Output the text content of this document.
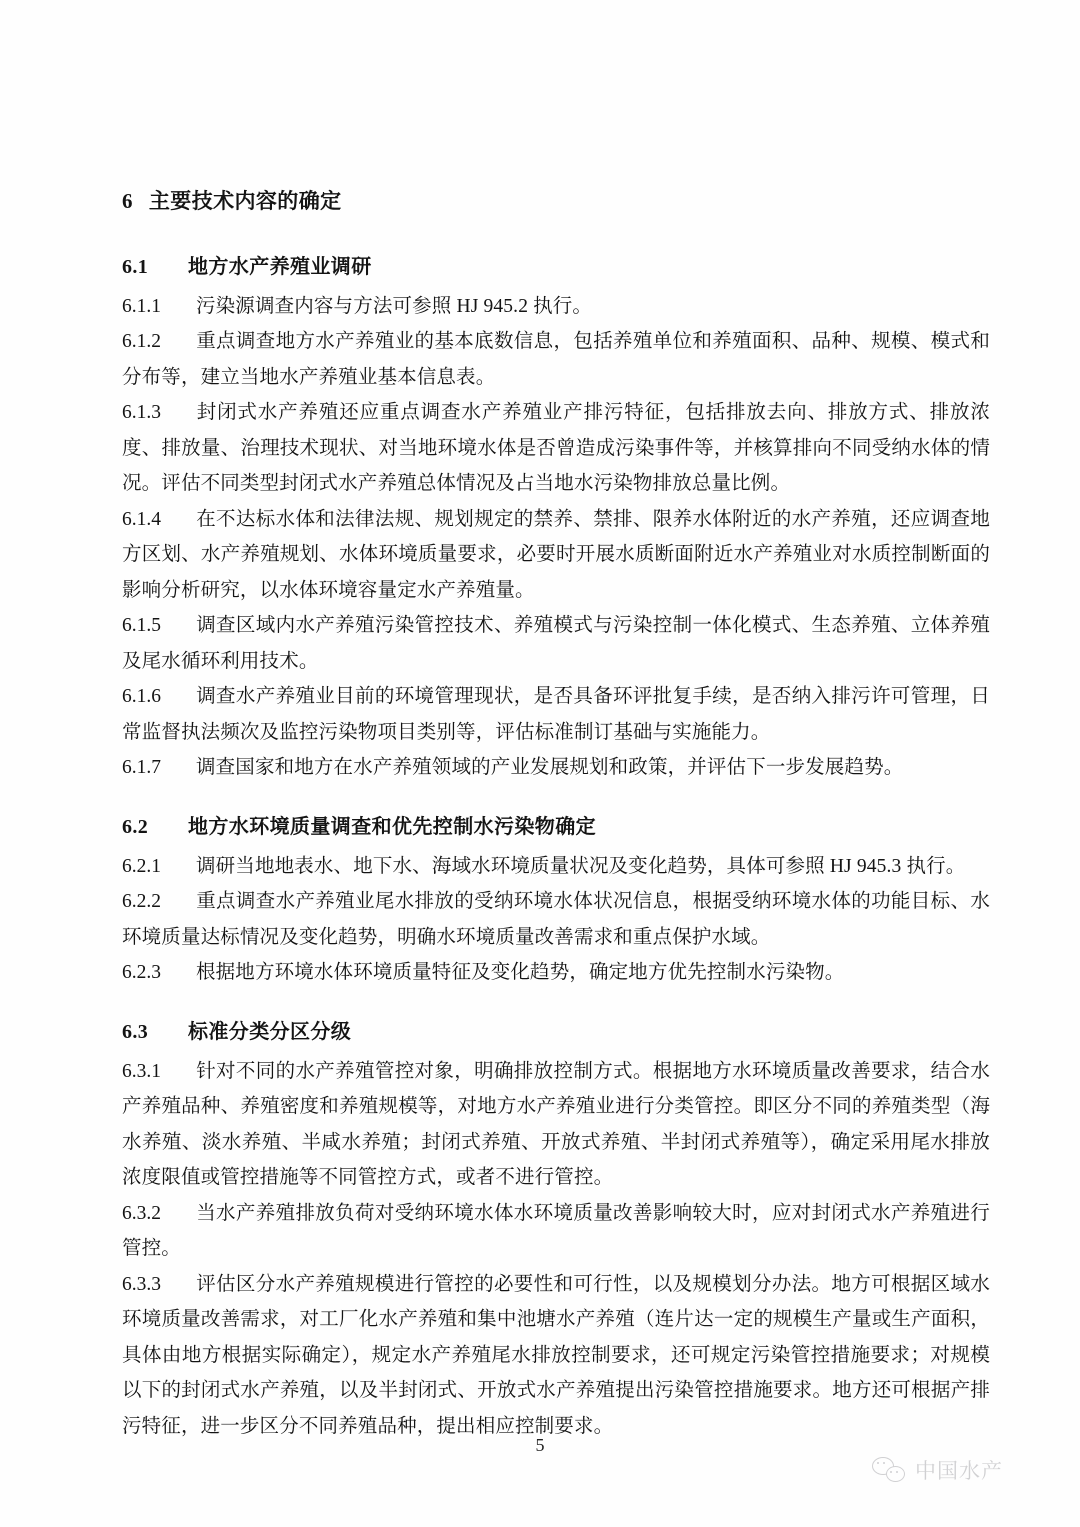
6 主要技术内容的确定
6.1 地方水产养殖业调研

6.1.1 污染源调查内容与方法可参照 HJ 945.2 执行。

6.1.2 重点调查地方水产养殖业的基本底数信息，包括养殖单位和养殖面积、品种、规模、模式和分布等，建立当地水产养殖业基本信息表。

6.1.3 封闭式水产养殖还应重点调查水产养殖业产排污特征，包括排放去向、排放方式、排放浓度、排放量、治理技术现状、对当地环境水体是否曾造成污染事件等，并核算排向不同受纳水体的情况。评估不同类型封闭式水产养殖总体情况及占当地水污染物排放总量比例。

6.1.4 在不达标水体和法律法规、规划规定的禁养、禁排、限养水体附近的水产养殖，还应调查地方区划、水产养殖规划、水体环境质量要求，必要时开展水质断面附近水产养殖业对水质控制断面的影响分析研究，以水体环境容量定水产养殖量。

6.1.5 调查区域内水产养殖污染管控技术、养殖模式与污染控制一体化模式、生态养殖、立体养殖及尾水循环利用技术。

6.1.6 调查水产养殖业目前的环境管理现状，是否具备环评批复手续，是否纳入排污许可管理，日常监督执法频次及监控污染物项目类别等，评估标准制订基础与实施能力。

6.1.7 调查国家和地方在水产养殖领域的产业发展规划和政策，并评估下一步发展趋势。

6.2 地方水环境质量调查和优先控制水污染物确定

6.2.1 调研当地地表水、地下水、海域水环境质量状况及变化趋势，具体可参照 HJ 945.3 执行。

6.2.2 重点调查水产养殖业尾水排放的受纳环境水体状况信息，根据受纳环境水体的功能目标、水环境质量达标情况及变化趋势，明确水环境质量改善需求和重点保护水域。

6.2.3 根据地方环境水体环境质量特征及变化趋势，确定地方优先控制水污染物。

6.3 标准分类分区分级

6.3.1 针对不同的水产养殖管控对象，明确排放控制方式。根据地方水环境质量改善要求，结合水产养殖品种、养殖密度和养殖规模等，对地方水产养殖业进行分类管控。即区分不同的养殖类型（海水养殖、淡水养殖、半咸水养殖；封闭式养殖、开放式养殖、半封闭式养殖等），确定采用尾水排放浓度限值或管控措施等不同管控方式，或者不进行管控。

6.3.2 当水产养殖排放负荷对受纳环境水体水环境质量改善影响较大时，应对封闭式水产养殖进行管控。

6.3.3 评估区分水产养殖规模进行管控的必要性和可行性，以及规模划分办法。地方可根据区域水环境质量改善需求，对工厂化水产养殖和集中池塘水产养殖（连片达一定的规模生产量或生产面积，具体由地方根据实际确定），规定水产养殖尾水排放控制要求，还可规定污染管控措施要求；对规模以下的封闭式水产养殖，以及半封闭式、开放式水产养殖提出污染管控措施要求。地方还可根据产排污特征，进一步区分不同养殖品种，提出相应控制要求。

5
中国水产
